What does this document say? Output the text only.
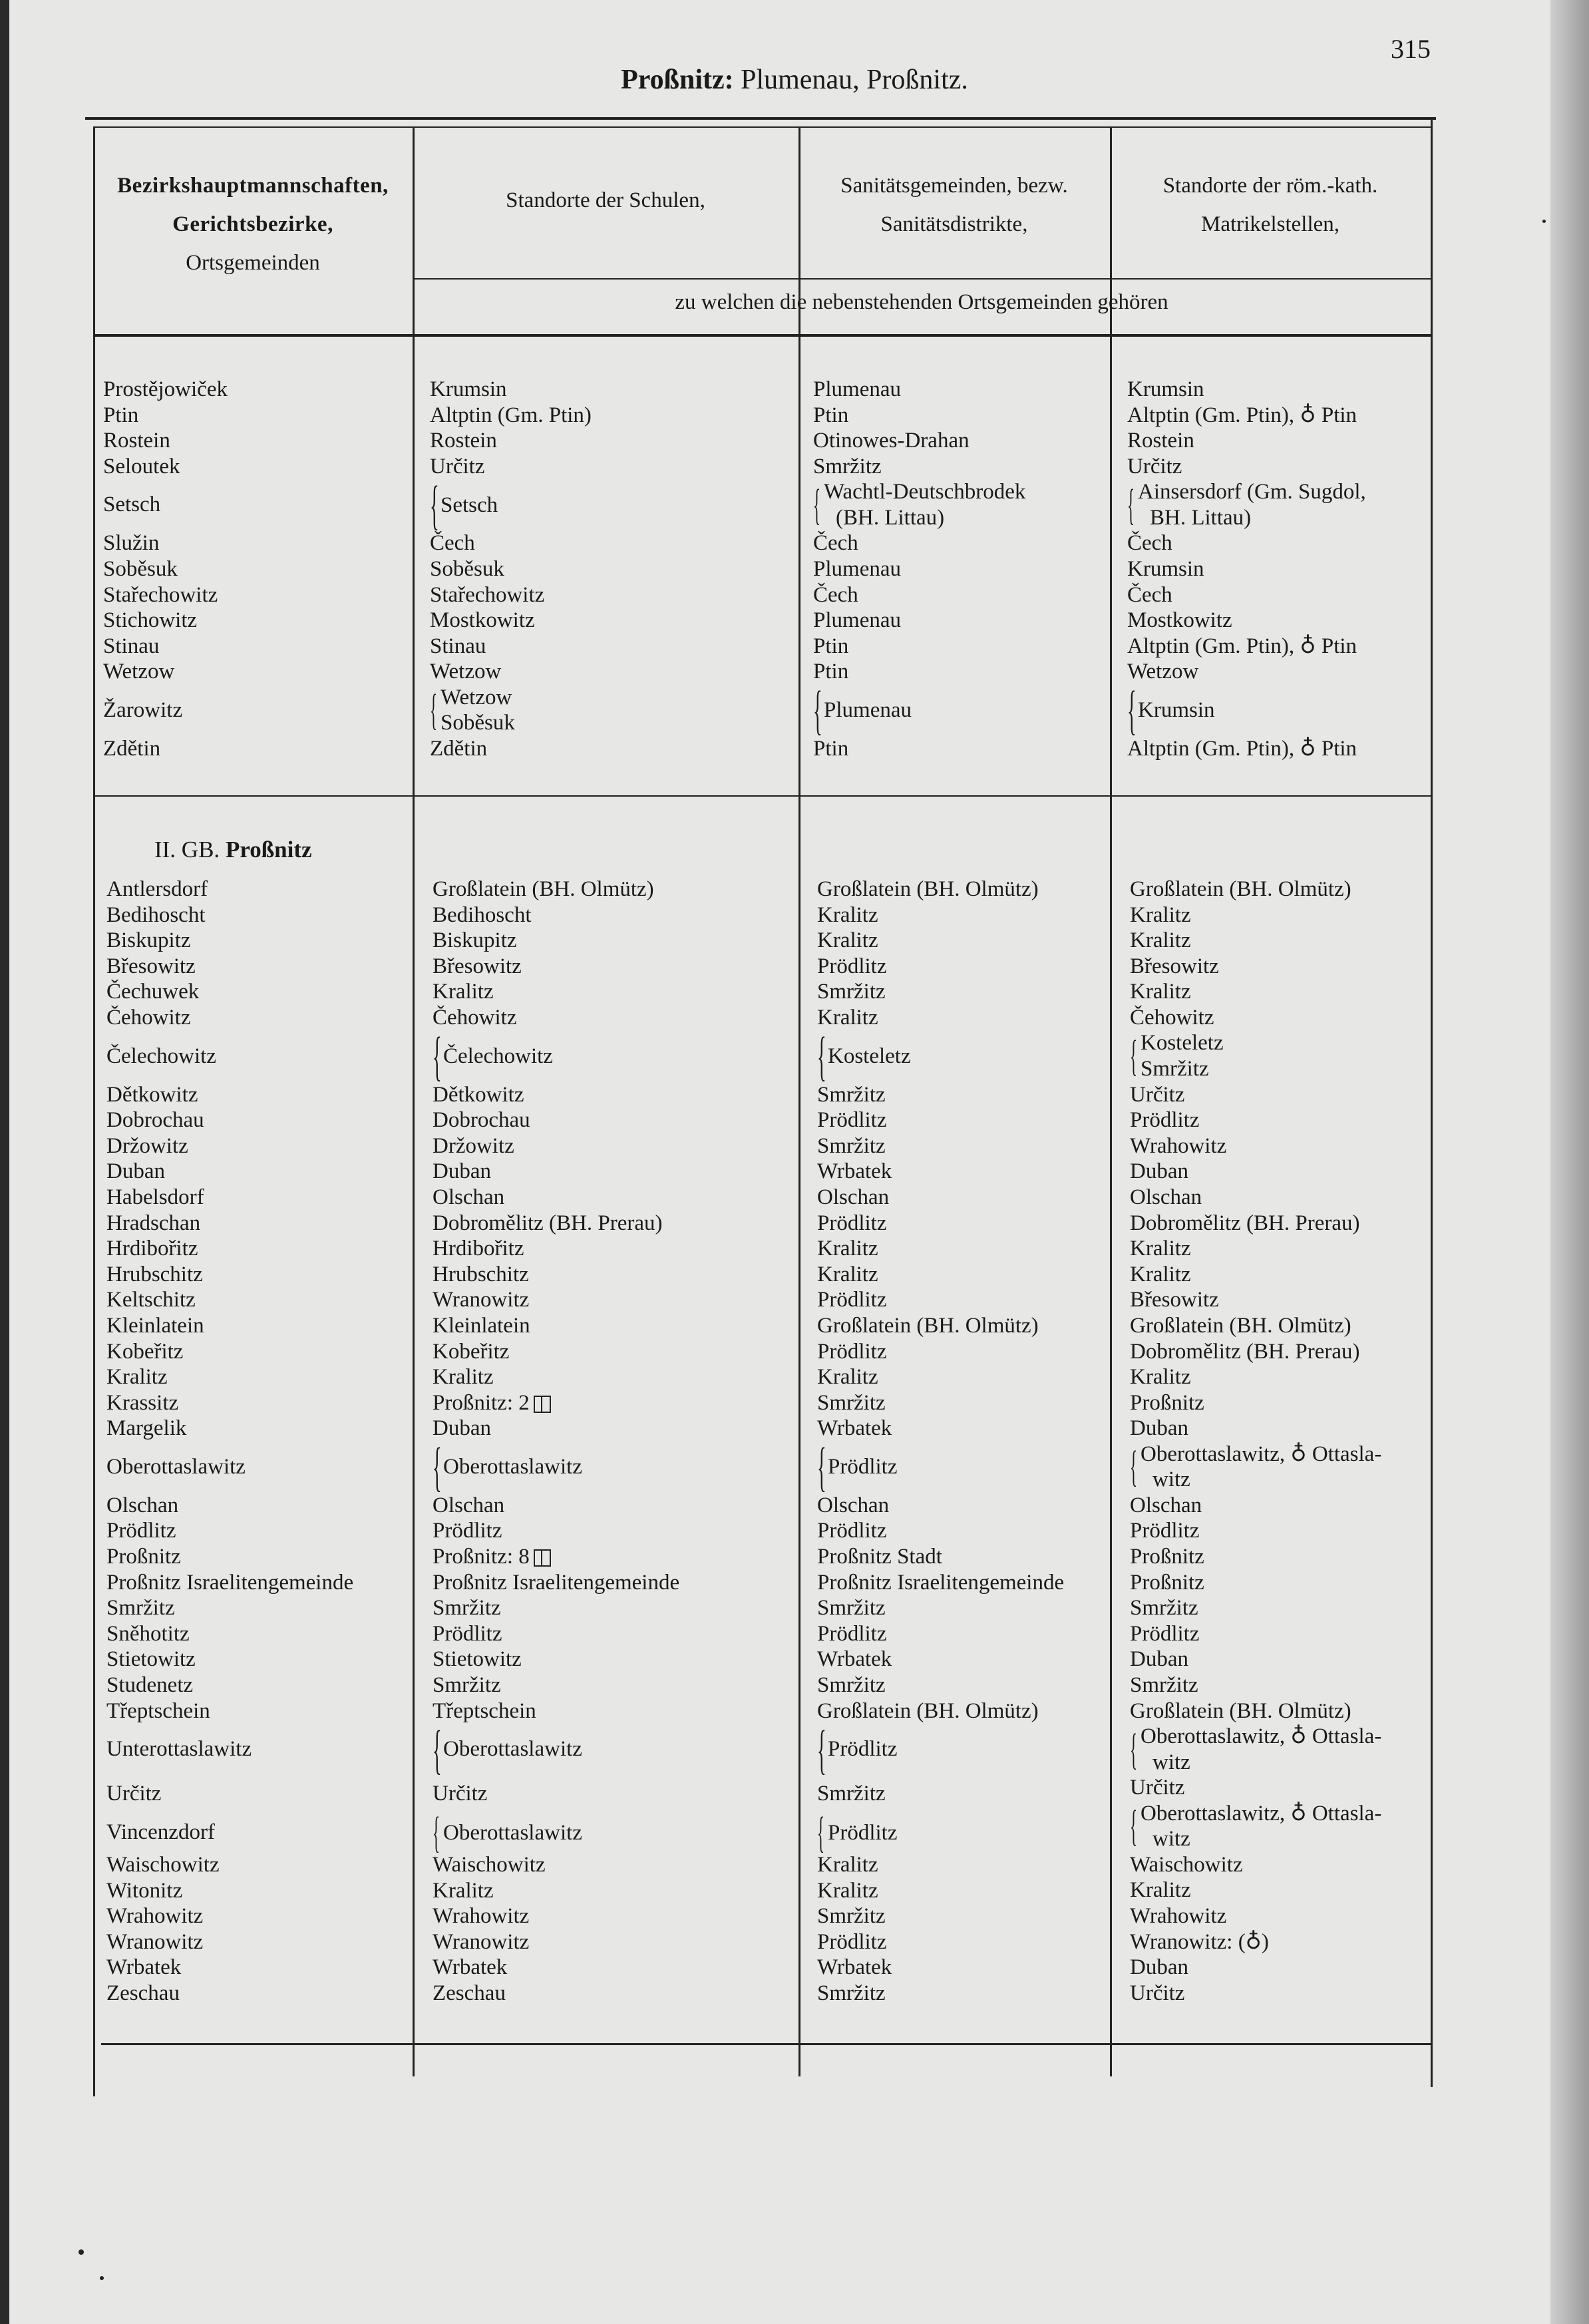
315
Proßnitz: Plumenau, Proßnitz.
Bezirkshauptmannschaften,
Gerichtsbezirke,
Ortsgemeinden
Standorte der Schulen,
Sanitätsgemeinden, bezw.
Sanitätsdistrikte,
Standorte der röm.-kath.
Matrikelstellen,
zu welchen die nebenstehenden Ortsgemeinden gehören
Prostějowiček
Ptin
Rostein
Seloutek
Setsch
Služin
Soběsuk
Stařechowitz
Stichowitz
Stinau
Wetzow
Žarowitz
Zdětin
Krumsin
Altptin (Gm. Ptin)
Rostein
Určitz
{ Setsch
Čech
Soběsuk
Stařechowitz
Mostkowitz
Stinau
Wetzow
{ Wetzow
Soběsuk
Zdětin
Plumenau
Ptin
Otinowes-Drahan
Smržitz
{ Wachtl-Deutschbrodek
(BH. Littau)
Čech
Plumenau
Čech
Plumenau
Ptin
Ptin
{ Plumenau
Ptin
Krumsin
Altptin (Gm. Ptin), ♁ Ptin
Rostein
Určitz
{ Ainsersdorf (Gm. Sugdol,
BH. Littau)
Čech
Krumsin
Čech
Mostkowitz
Altptin (Gm. Ptin), ♁ Ptin
Wetzow
{ Krumsin
Altptin (Gm. Ptin), ♁ Ptin
II. GB. Proßnitz
Antlersdorf
Bedihoscht
Biskupitz
Břesowitz
Čechuwek
Čehowitz
Čelechowitz
Dětkowitz
Dobrochau
Držowitz
Duban
Habelsdorf
Hradschan
Hrdibořitz
Hrubschitz
Keltschitz
Kleinlatein
Kobeřitz
Kralitz
Krassitz
Margelik
Oberottaslawitz
Olschan
Prödlitz
Proßnitz
Proßnitz Israelitengemeinde
Smržitz
Sněhotitz
Stietowitz
Studenetz
Třeptschein
Unterottaslawitz
Určitz
Vincenzdorf
Waischowitz
Witonitz
Wrahowitz
Wranowitz
Wrbatek
Zeschau
Großlatein (BH. Olmütz)
Bedihoscht
Biskupitz
Břesowitz
Kralitz
Čehowitz
{ Čelechowitz
Dětkowitz
Dobrochau
Držowitz
Duban
Olschan
Dobromělitz (BH. Prerau)
Hrdibořitz
Hrubschitz
Wranowitz
Kleinlatein
Kobeřitz
Kralitz
Proßnitz: 2
Duban
{ Oberottaslawitz
Olschan
Prödlitz
Proßnitz: 8
Proßnitz Israelitengemeinde
Smržitz
Prödlitz
Stietowitz
Smržitz
Třeptschein
{ Oberottaslawitz
Určitz
{ Oberottaslawitz
Waischowitz
Kralitz
Wrahowitz
Wranowitz
Wrbatek
Zeschau
Großlatein (BH. Olmütz)
Kralitz
Kralitz
Prödlitz
Smržitz
Kralitz
{ Kosteletz
Smržitz
Prödlitz
Smržitz
Wrbatek
Olschan
Prödlitz
Kralitz
Kralitz
Prödlitz
Großlatein (BH. Olmütz)
Prödlitz
Kralitz
Smržitz
Wrbatek
{ Prödlitz
Olschan
Prödlitz
Proßnitz Stadt
Proßnitz Israelitengemeinde
Smržitz
Prödlitz
Wrbatek
Smržitz
Großlatein (BH. Olmütz)
{ Prödlitz
Smržitz
{ Prödlitz
Kralitz
Kralitz
Smržitz
Prödlitz
Wrbatek
Smržitz
Großlatein (BH. Olmütz)
Kralitz
Kralitz
Břesowitz
Kralitz
Čehowitz
{ Kosteletz
Smržitz
Určitz
Prödlitz
Wrahowitz
Duban
Olschan
Dobromělitz (BH. Prerau)
Kralitz
Kralitz
Břesowitz
Großlatein (BH. Olmütz)
Dobromělitz (BH. Prerau)
Kralitz
Proßnitz
Duban
{ Oberottaslawitz, ♁ Ottasla-
witz
Olschan
Prödlitz
Proßnitz
Proßnitz
Smržitz
Prödlitz
Duban
Smržitz
Großlatein (BH. Olmütz)
{ Oberottaslawitz, ♁ Ottasla-
witz
Určitz
{ Oberottaslawitz, ♁ Ottasla-
witz
Waischowitz
Kralitz
Wrahowitz
Wranowitz: (♁)
Duban
Určitz
